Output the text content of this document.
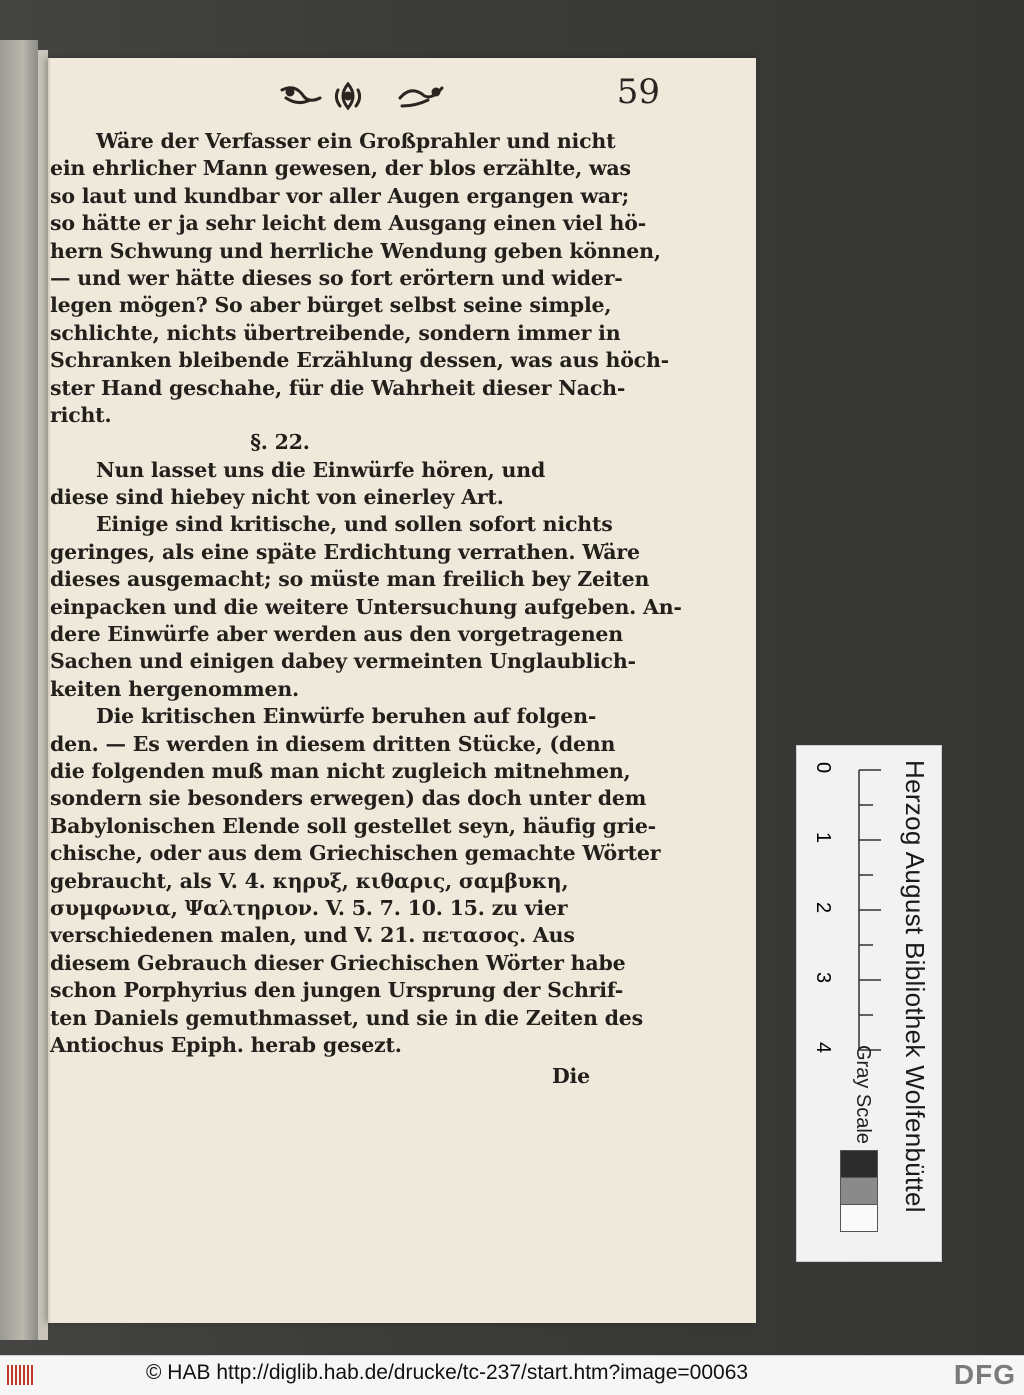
59
Wäre der Verfasser ein Großprahler und nicht
ein ehrlicher Mann gewesen, der blos erzählte, was
so laut und kundbar vor aller Augen ergangen war;
so hätte er ja sehr leicht dem Ausgang einen viel hö-
hern Schwung und herrliche Wendung geben können,
— und wer hätte dieses so fort erörtern und wider-
legen mögen? So aber bürget selbst seine simple,
schlichte, nichts übertreibende, sondern immer in
Schranken bleibende Erzählung dessen, was aus höch-
ster Hand geschahe, für die Wahrheit dieser Nach-
richt.
§. 22.
Nun lasset uns die Einwürfe hören, und
diese sind hiebey nicht von einerley Art.
Einige sind kritische, und sollen sofort nichts
geringes, als eine späte Erdichtung verrathen. Wäre
dieses ausgemacht; so müste man freilich bey Zeiten
einpacken und die weitere Untersuchung aufgeben. An-
dere Einwürfe aber werden aus den vorgetragenen
Sachen und einigen dabey vermeinten Unglaublich-
keiten hergenommen.
Die kritischen Einwürfe beruhen auf folgen-
den. — Es werden in diesem dritten Stücke, (denn
die folgenden muß man nicht zugleich mitnehmen,
sondern sie besonders erwegen) das doch unter dem
Babylonischen Elende soll gestellet seyn, häufig grie-
chische, oder aus dem Griechischen gemachte Wörter
gebraucht, als V. 4. κηρυξ, κιθαρις, σαμβυκη,
συμφωνια, Ψαλτηριον. V. 5. 7. 10. 15. zu vier
verschiedenen malen, und V. 21. πετασος. Aus
diesem Gebrauch dieser Griechischen Wörter habe
schon Porphyrius den jungen Ursprung der Schrif-
ten Daniels gemuthmasset, und sie in die Zeiten des
Antiochus Epiph. herab gesezt.
Die
0
1
2
3
4	Herzog August Bibliothek Wolfenbüttel
Gray Scale
© HAB http://diglib.hab.de/drucke/tc-237/start.htm?image=00063	DFG
